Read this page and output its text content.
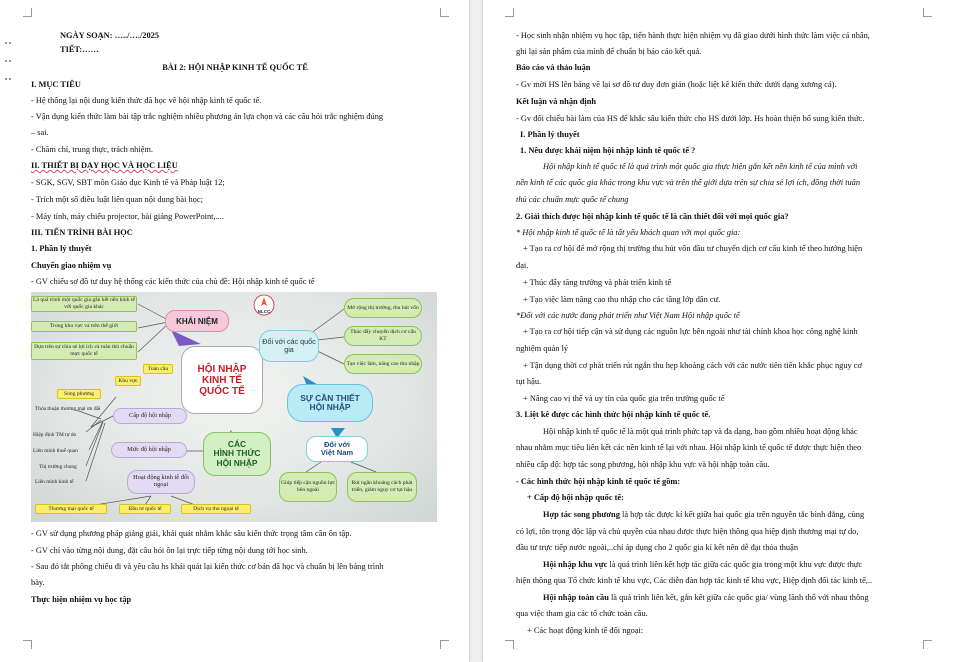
NGÀY SOẠN: …../…./2025
TIẾT:……
BÀI 2: HỘI NHẬP KINH TẾ QUỐC TẾ
I. MỤC TIÊU
- Hệ thống lại nội dung kiến thức đã học về hội nhập kinh tế quốc tế.
- Vận dụng kiến thức làm bài tập trắc nghiệm nhiều phương án lựa chọn và các câu hỏi trắc nghiệm đúng
– sai.
- Chăm chỉ, trung thực, trách nhiệm.
II. THIẾT BỊ DẠY HỌC VÀ HỌC LIỆU
- SGK, SGV, SBT môn Giáo dục Kinh tế và Pháp luật 12;
- Trích một số điều luật liên quan nội dung bài học;
- Máy tính, máy chiếu projector, bài giảng PowerPoint,....
III. TIẾN TRÌNH BÀI HỌC
1. Phần lý thuyết
Chuyển giao nhiệm vụ
- GV chiếu sơ đồ tư duy hệ thống các kiến thức của chủ đề: Hội nhập kinh tế quốc tế
Là quá trình một quốc gia gắn kết nền kinh tế với quốc gia khác
Trong khu vực và trên thế giới
Dựa trên sự chia sẻ lợi ích và tuân thủ chuẩn mực quốc tế
KHÁI NIỆM
NLCC
HỘI NHẬP
KINH TẾ
QUỐC TẾ
Đối với các quốc gia
Mở rộng thị trường, thu hút vốn
Thúc đẩy chuyển dịch cơ cấu KT
Tạo việc làm, nâng cao thu nhập
SỰ CẦN THIẾT
HỘI NHẬP
Đối với
Việt Nam
Giúp tiếp cận nguồn lực bên ngoài
Rút ngắn khoảng cách phát triển, giảm nguy cơ tụt hậu
CÁC
HÌNH THỨC
HỘI NHẬP
Toàn cầu
Khu vực
Song phương
Cấp độ hội nhập
Mức độ hội nhập
Hoạt động kinh tế đối ngoại
Thỏa thuận thương mại ưu đãi
Hiệp định TM tự do
Liên minh thuế quan
Thị trường chung
Liên minh kinh tế
Thương mại quốc tế	Đầu tư quốc tế	Dịch vụ thu ngoại tệ
- GV sử dụng phương pháp giảng giải, khái quát nhằm khắc sâu kiến thức trọng tâm cần ôn tập.
- GV chỉ vào từng nội dung, đặt câu hỏi ôn lại trực tiếp từng nội dung tới học sinh.
- Sau đó tắt phông chiếu đi và yêu cầu hs khái quát lại kiến thức cơ bản đã học và chuẩn bị lên bảng trình
bày.
Thực hiện nhiệm vụ học tập
- Học sinh nhận nhiệm vụ học tập, tiến hành thực hiện nhiệm vụ đã giao dưới hình thức làm việc cá nhân,
ghi lại sản phẩm của mình để chuẩn bị báo cáo kết quả.
Báo cáo và thảo luận
- Gv mời HS lên bảng vẽ lại sơ đồ tư duy đơn giản (hoặc liệt kê kiến thức dưới dạng xương cá).
Kết luận và nhận định
- Gv đối chiếu bài làm của HS để khắc sâu kiến thức cho HS dưới lớp. Hs hoàn thiện bổ sung kiến thức.
I. Phần lý thuyết
1. Nêu được khái niệm hội nhập kinh tế quốc tế ?
Hội nhập kinh tế quốc tế là quá trình một quốc gia thực hiện gắn kết nền kinh tế của mình với
nền kinh tế các quốc gia khác trong khu vực và trên thế giới dựa trên sự chia sẻ lợi ích, đồng thời tuân
thủ các chuẩn mực quốc tế chung
2. Giải thích được hội nhập kinh tế quốc tế là cần thiết đối với mọi quốc gia?
* Hội nhập kinh tế quốc tế là tất yếu khách quan với mọi quốc gia:
+ Tạo ra cơ hội để mở rộng thị trường thu hút vốn đầu tư chuyển dịch cơ cấu kinh tế theo hướng hiện
đại.
+ Thúc đẩy tăng trưởng và phát triển kinh tế
+ Tạo việc làm nâng cao thu nhập cho các tầng lớp dân cư.
*Đối với các nước đang phát triển như Việt Nam Hội nhập quốc tế
+ Tạo ra cơ hội tiếp cận và sử dụng các nguồn lực bên ngoài như tài chính khoa học công nghệ kinh
nghiệm quản lý
+ Tận dụng thời cơ phát triển rút ngắn thu hẹp khoảng cách với các nước tiên tiến khắc phục nguy cơ
tụt hậu.
+ Nâng cao vị thế và uy tín của quốc gia trên trường quốc tế
3. Liệt kê được các hình thức hội nhập kinh tế quốc tế.
Hội nhập kinh tế quốc tế là một quá trình phức tạp và đa dạng, bao gồm nhiều hoạt động khác
nhau nhằm mục tiêu liên kết các nền kinh tế lại với nhau. Hội nhập kinh tế quốc tế được thực hiện theo
nhiều cấp độ: hợp tác song phương, hội nhập khu vực và hội nhập toàn cầu.
- Các hình thức hội nhập kinh tế quốc tế gồm:
+ Cấp độ hội nhập quốc tế:
Hợp tác song phương là hợp tác được kí kết giữa hai quốc gia trên nguyên tắc bình đẳng, cùng
có lợi, tôn trọng độc lập và chủ quyền của nhau được thực hiện thông qua hiệp định thương mại tự do,
đầu tư trực tiếp nước ngoài,..chỉ áp dụng cho 2 quốc gia kí kết nên dễ đạt thỏa thuận
Hội nhập khu vực là quá trình liên kết hợp tác giữa các quốc gia trong một khu vực được thực
hiện thông qua Tổ chức kinh tế khu vực, Các diễn đàn hợp tác kinh tế khu vực, Hiệp định đối tác kinh tế,..
Hội nhập toàn cầu là quá trình liên kết, gắn kết giữa các quốc gia/ vùng lãnh thổ với nhau thông
qua việc tham gia các tổ chức toàn cầu.
+ Các hoạt động kinh tế đối ngoại:
